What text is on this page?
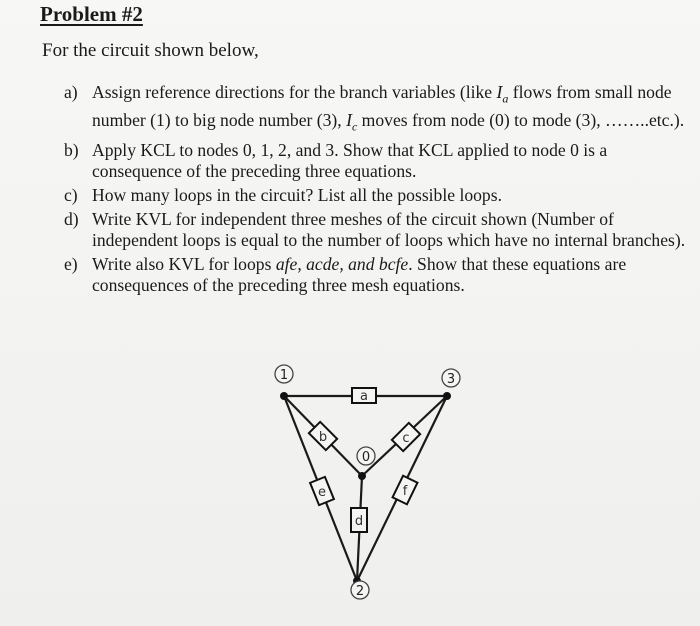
Problem #2
For the circuit shown below,
a) Assign reference directions for the branch variables (like $I_a$ flows from small node number (1) to big node number (3), $I_c$ moves from node (0) to mode (3), ……..etc.).
b) Apply KCL to nodes 0, 1, 2, and 3. Show that KCL applied to node 0 is a consequence of the preceding three equations.
c) How many loops in the circuit? List all the possible loops.
d) Write KVL for independent three meshes of the circuit shown (Number of independent loops is equal to the number of loops which have no internal branches).
e) Write also KVL for loops afe, acde, and bcfe. Show that these equations are consequences of the preceding three mesh equations.
1	3
0
2
a
b	c
d
e	f
